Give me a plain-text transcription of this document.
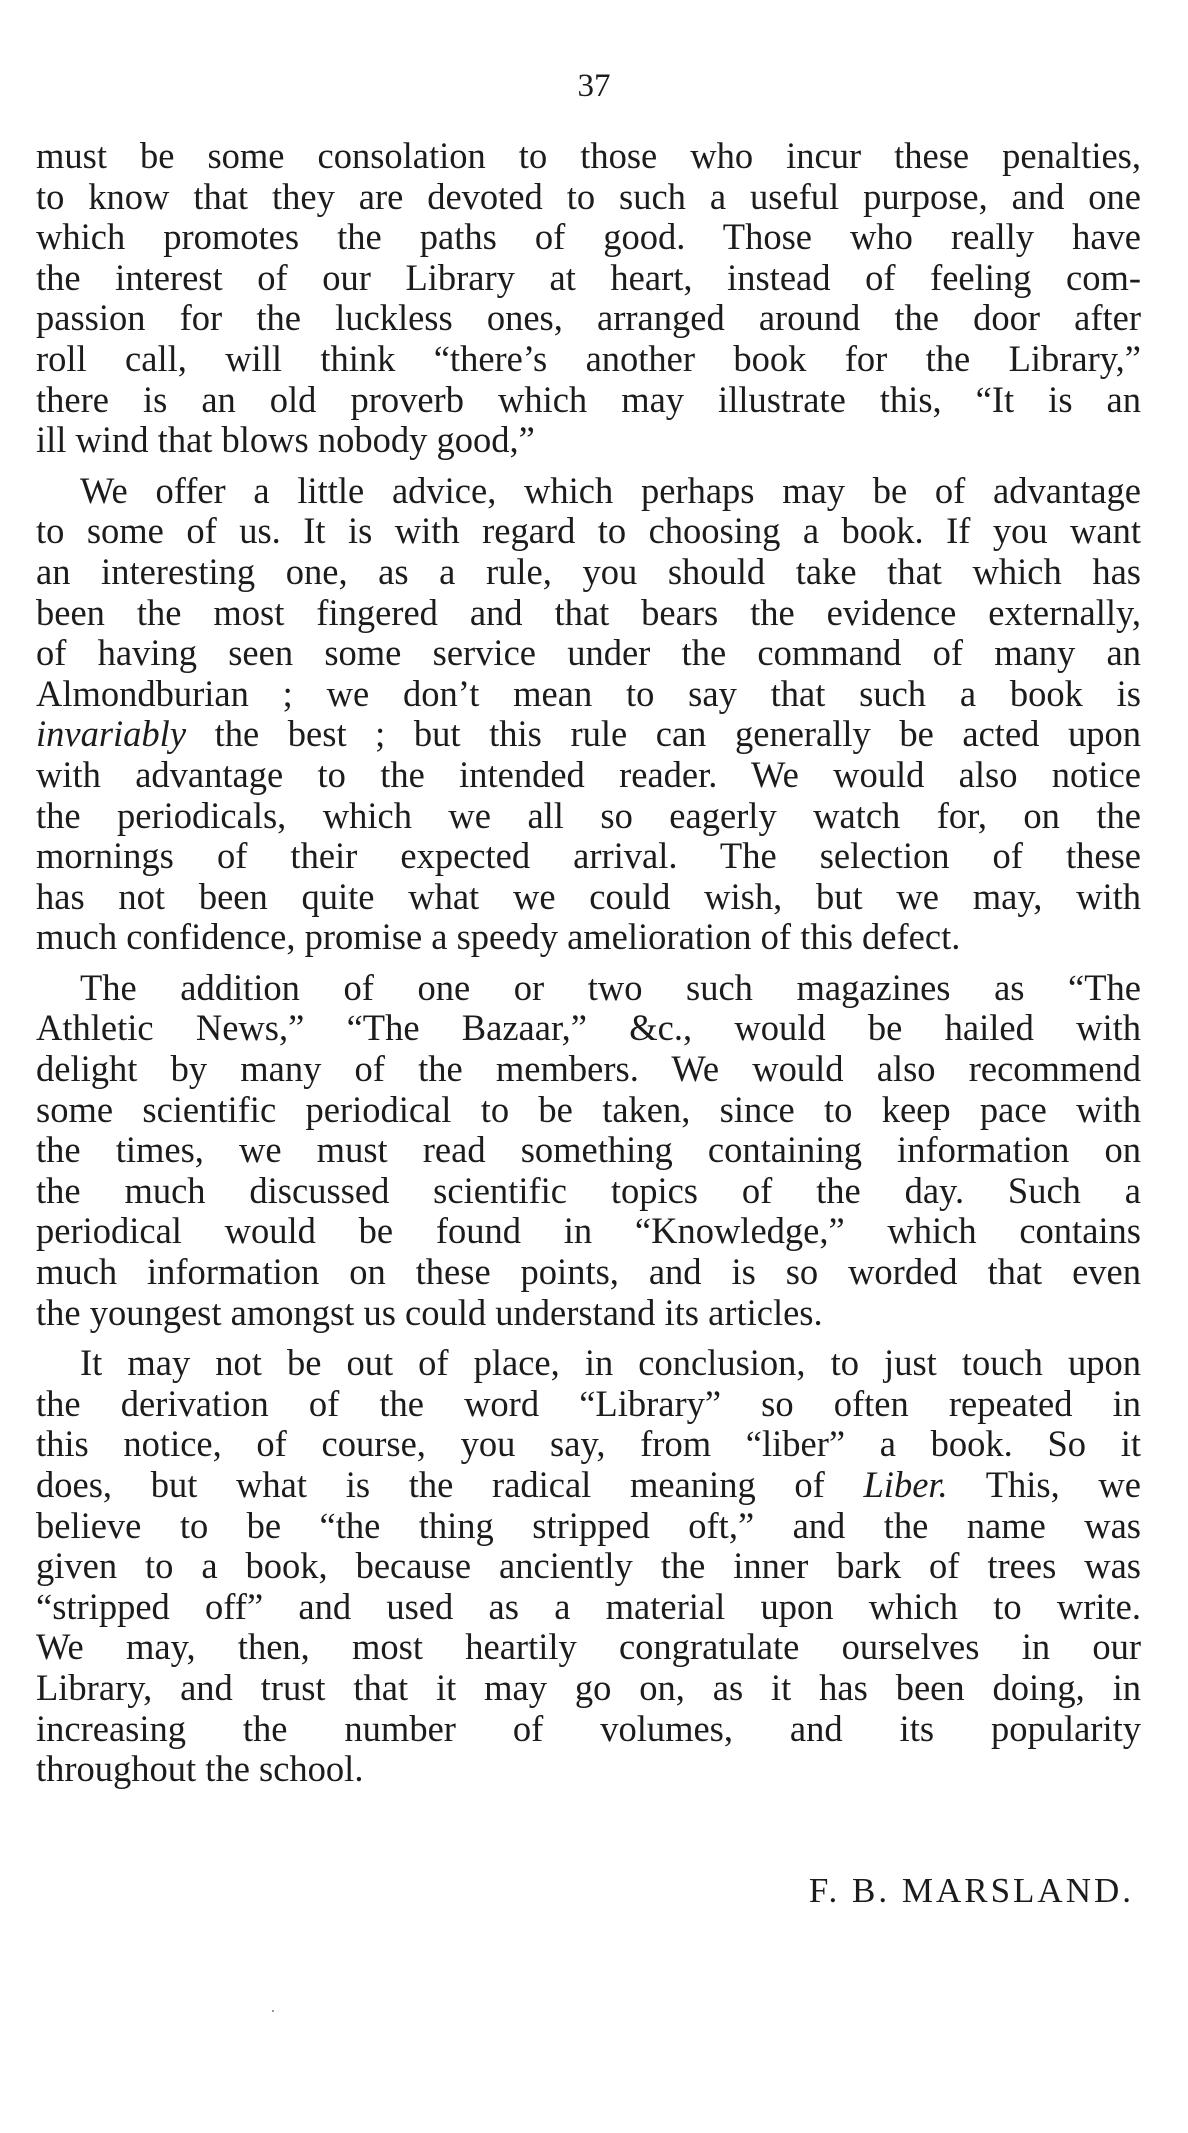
37

must be some consolation to those who incur these penalties,
to know that they are devoted to such a useful purpose, and one
which promotes the paths of good. Those who really have
the interest of our Library at heart, instead of feeling com-
passion for the luckless ones, arranged around the door after
roll call, will think “there’s another book for the Library,”
there is an old proverb which may illustrate this, “It is an
ill wind that blows nobody good,”

We offer a little advice, which perhaps may be of advantage
to some of us. It is with regard to choosing a book. If you want
an interesting one, as a rule, you should take that which has
been the most fingered and that bears the evidence externally,
of having seen some service under the command of many an
Almondburian ; we don’t mean to say that such a book is
invariably the best ; but this rule can generally be acted upon
with advantage to the intended reader. We would also notice
the periodicals, which we all so eagerly watch for, on the
mornings of their expected arrival. The selection of these
has not been quite what we could wish, but we may, with
much confidence, promise a speedy amelioration of this defect.

The addition of one or two such magazines as “The
Athletic News,” “The Bazaar,” &c., would be hailed with
delight by many of the members. We would also recommend
some scientific periodical to be taken, since to keep pace with
the times, we must read something containing information on
the much discussed scientific topics of the day. Such a
periodical would be found in “Knowledge,” which contains
much information on these points, and is so worded that even
the youngest amongst us could understand its articles.

It may not be out of place, in conclusion, to just touch upon
the derivation of the word “Library” so often repeated in
this notice, of course, you say, from “liber” a book. So it
does, but what is the radical meaning of Liber. This, we
believe to be “the thing stripped oft,” and the name was
given to a book, because anciently the inner bark of trees was
“stripped off” and used as a material upon which to write.
We may, then, most heartily congratulate ourselves in our
Library, and trust that it may go on, as it has been doing, in
increasing the number of volumes, and its popularity
throughout the school.

F. B. MARSLAND.
